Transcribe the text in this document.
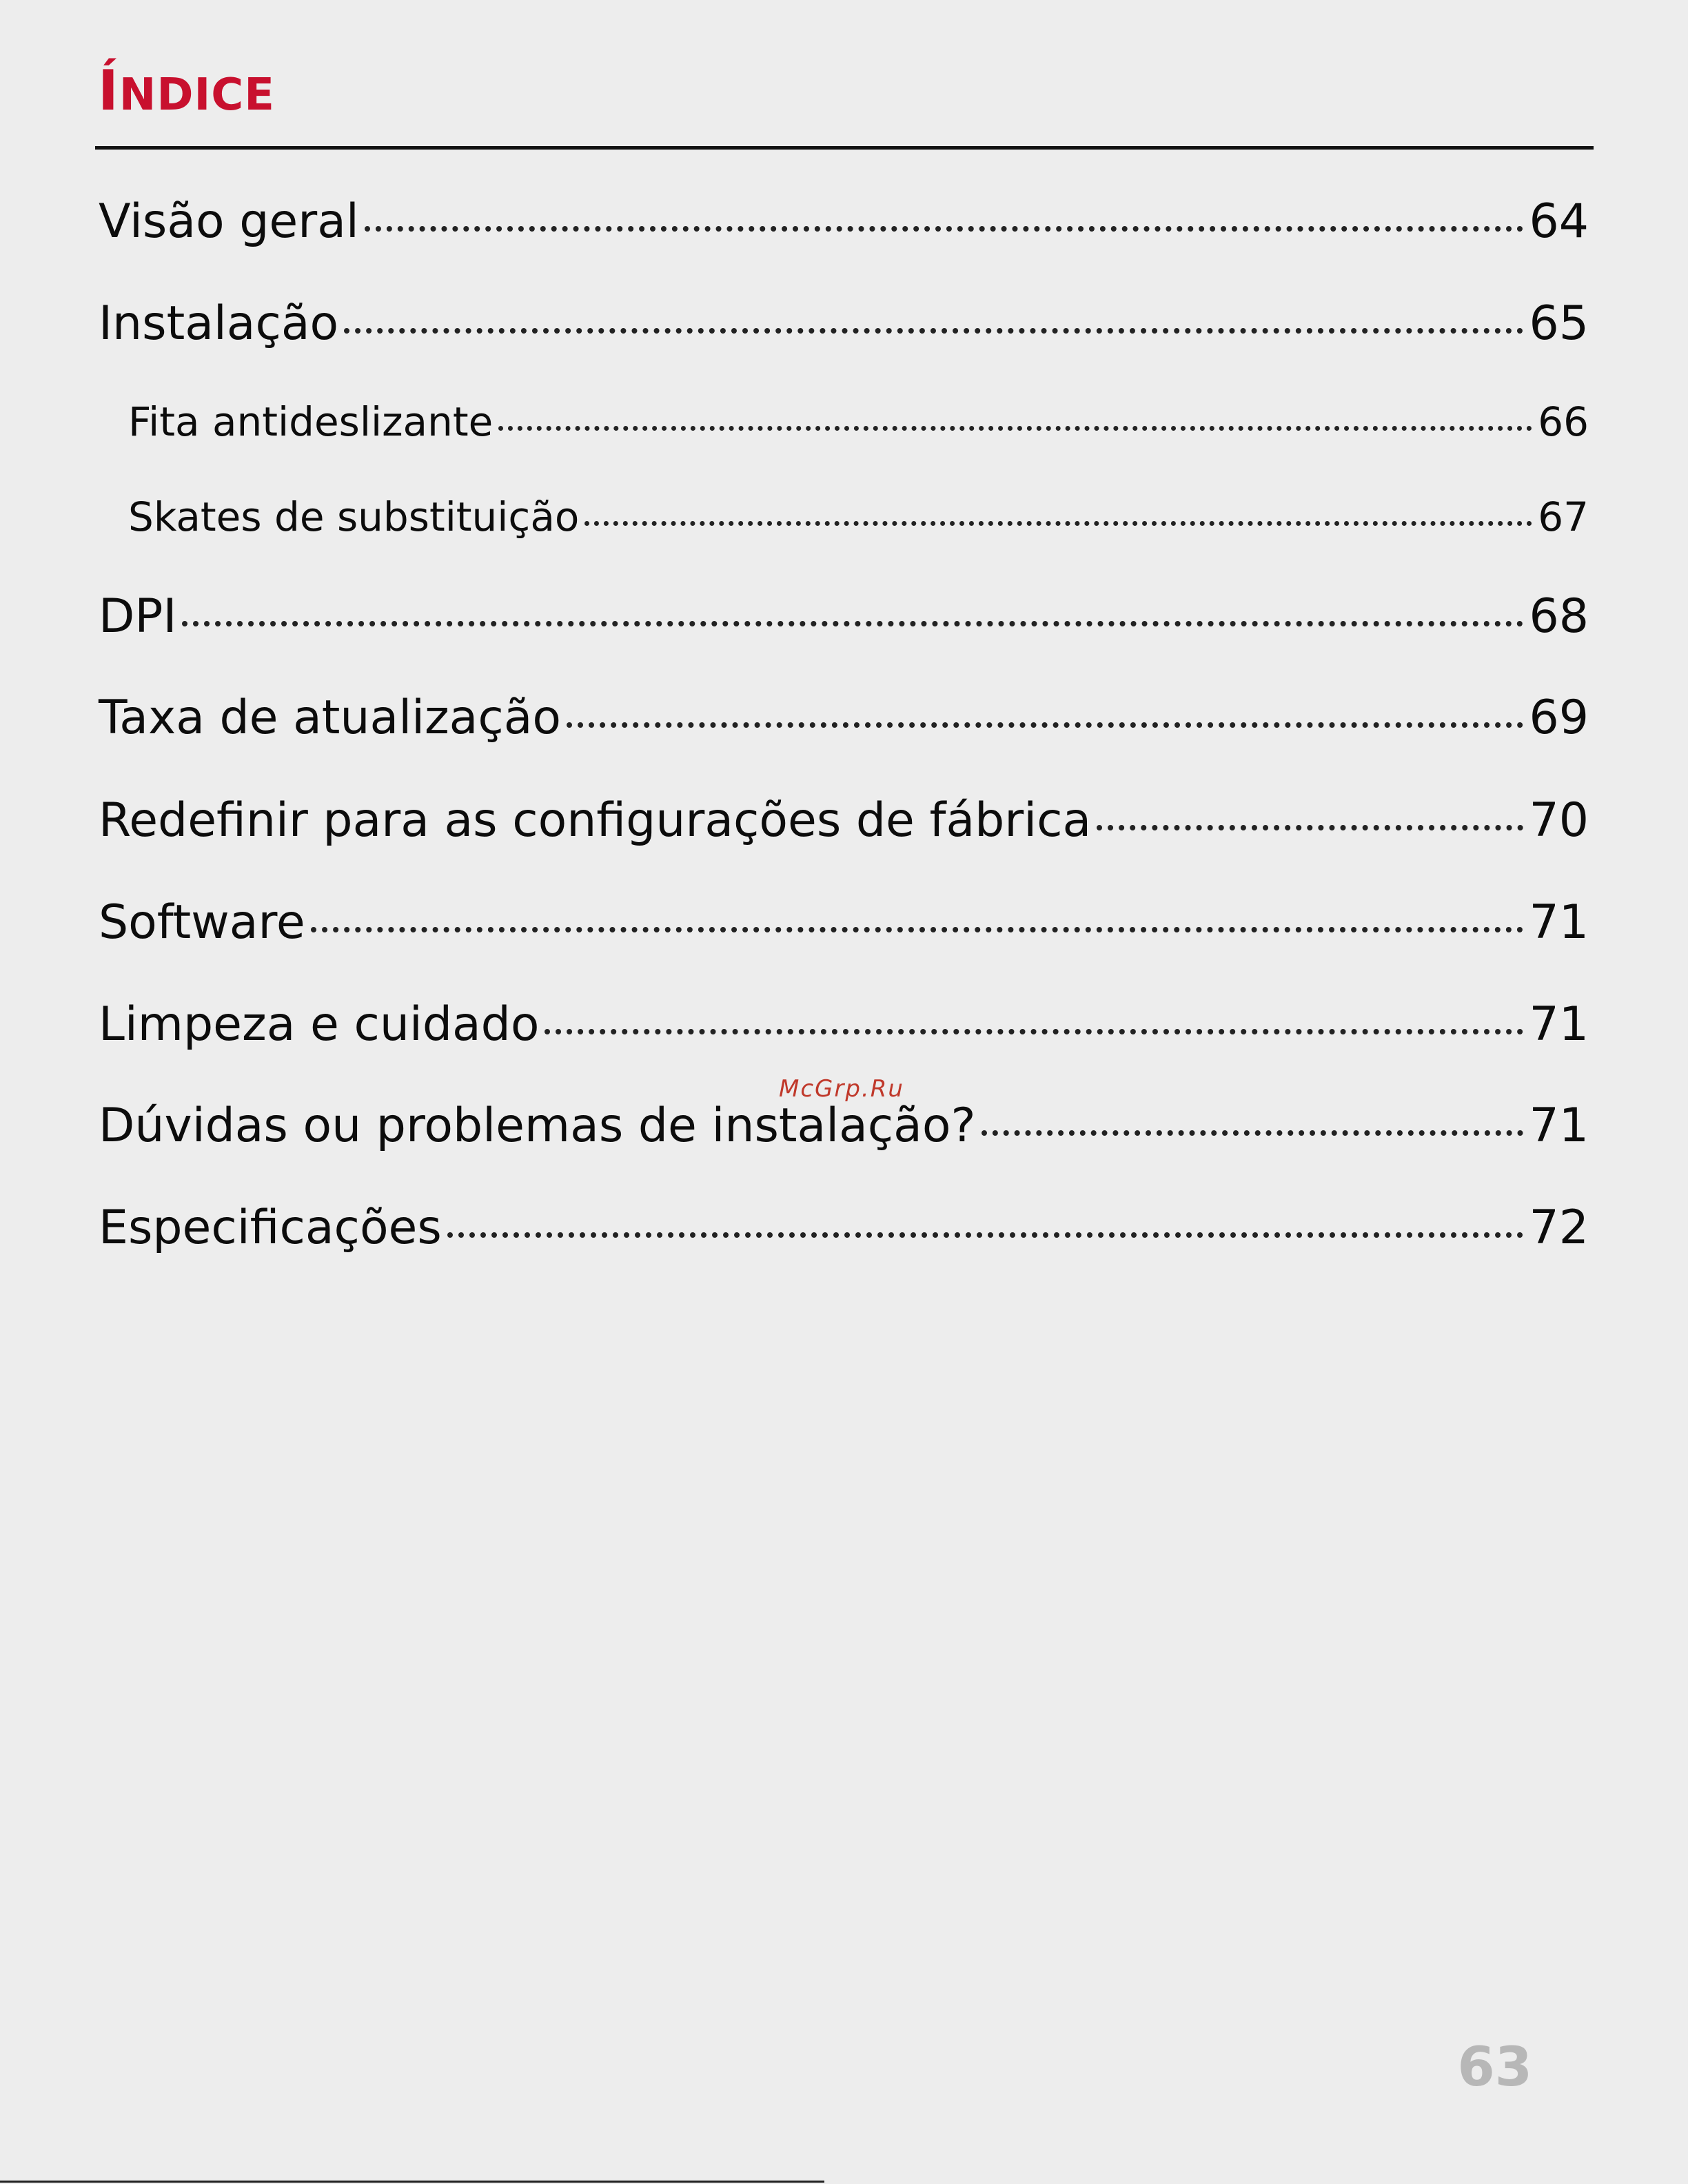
ÍNDICE
Visão geral	64
Instalação	65
Fita antideslizante	66
Skates de substituição	67
DPI	68
Taxa de atualização	69
Redefinir para as configurações de fábrica	70
Software	71
Limpeza e cuidado	71
Dúvidas ou problemas de instalação?	71
Especificações	72
McGrp.Ru
63
